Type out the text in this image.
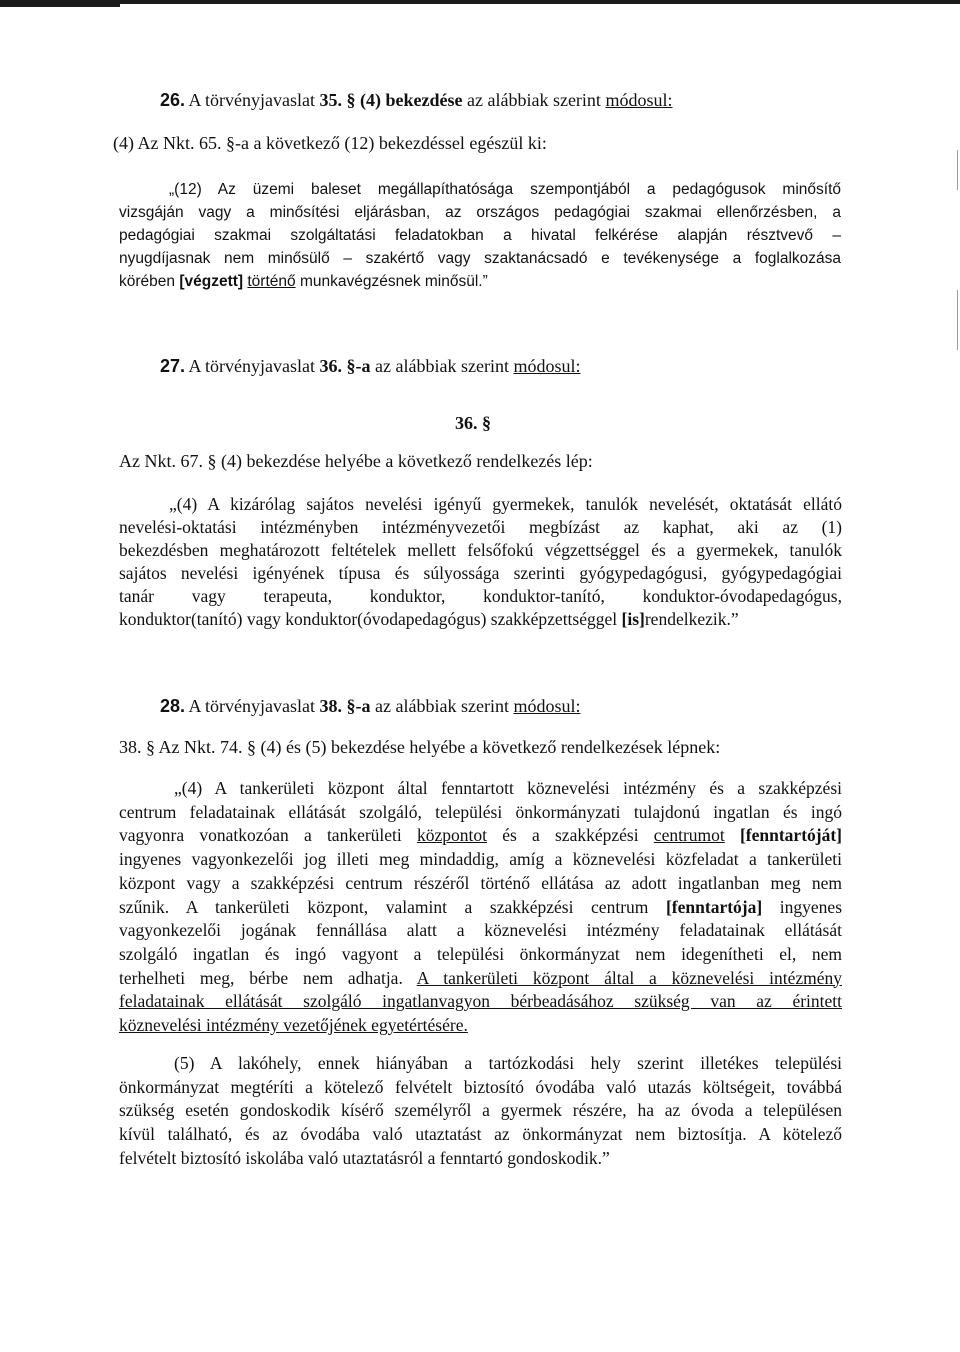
26. A törvényjavaslat 35. § (4) bekezdése az alábbiak szerint módosul:
(4) Az Nkt. 65. §-a a következő (12) bekezdéssel egészül ki:
„(12) Az üzemi baleset megállapíthatósága szempontjából a pedagógusok minősítő
vizsgáján vagy a minősítési eljárásban, az országos pedagógiai szakmai ellenőrzésben, a
pedagógiai szakmai szolgáltatási feladatokban a hivatal felkérése alapján résztvevő –
nyugdíjasnak nem minősülő – szakértő vagy szaktanácsadó e tevékenysége a foglalkozása
körében [végzett] történő munkavégzésnek minősül.”
27. A törvényjavaslat 36. §-a az alábbiak szerint módosul:
36. §
Az Nkt. 67. § (4) bekezdése helyébe a következő rendelkezés lép:
„(4) A kizárólag sajátos nevelési igényű gyermekek, tanulók nevelését, oktatását ellátó
nevelési-oktatási intézményben intézményvezetői megbízást az kaphat, aki az (1)
bekezdésben meghatározott feltételek mellett felsőfokú végzettséggel és a gyermekek, tanulók
sajátos nevelési igényének típusa és súlyossága szerinti gyógypedagógusi, gyógypedagógiai
tanár vagy terapeuta, konduktor, konduktor-tanító, konduktor-óvodapedagógus,
konduktor(tanító) vagy konduktor(óvodapedagógus) szakképzettséggel [is]rendelkezik.”
28. A törvényjavaslat 38. §-a az alábbiak szerint módosul:
38. § Az Nkt. 74. § (4) és (5) bekezdése helyébe a következő rendelkezések lépnek:
„(4) A tankerületi központ által fenntartott köznevelési intézmény és a szakképzési
centrum feladatainak ellátását szolgáló, települési önkormányzati tulajdonú ingatlan és ingó
vagyonra vonatkozóan a tankerületi központot és a szakképzési centrumot [fenntartóját]
ingyenes vagyonkezelői jog illeti meg mindaddig, amíg a köznevelési közfeladat a tankerületi
központ vagy a szakképzési centrum részéről történő ellátása az adott ingatlanban meg nem
szűnik. A tankerületi központ, valamint a szakképzési centrum [fenntartója] ingyenes
vagyonkezelői jogának fennállása alatt a köznevelési intézmény feladatainak ellátását
szolgáló ingatlan és ingó vagyont a települési önkormányzat nem idegenítheti el, nem
terhelheti meg, bérbe nem adhatja. A tankerületi központ által a köznevelési intézmény
feladatainak ellátását szolgáló ingatlanvagyon bérbeadásához szükség van az érintett
köznevelési intézmény vezetőjének egyetértésére.
(5) A lakóhely, ennek hiányában a tartózkodási hely szerint illetékes települési
önkormányzat megtéríti a kötelező felvételt biztosító óvodába való utazás költségeit, továbbá
szükség esetén gondoskodik kísérő személyről a gyermek részére, ha az óvoda a településen
kívül található, és az óvodába való utaztatást az önkormányzat nem biztosítja. A kötelező
felvételt biztosító iskolába való utaztatásról a fenntartó gondoskodik.”
